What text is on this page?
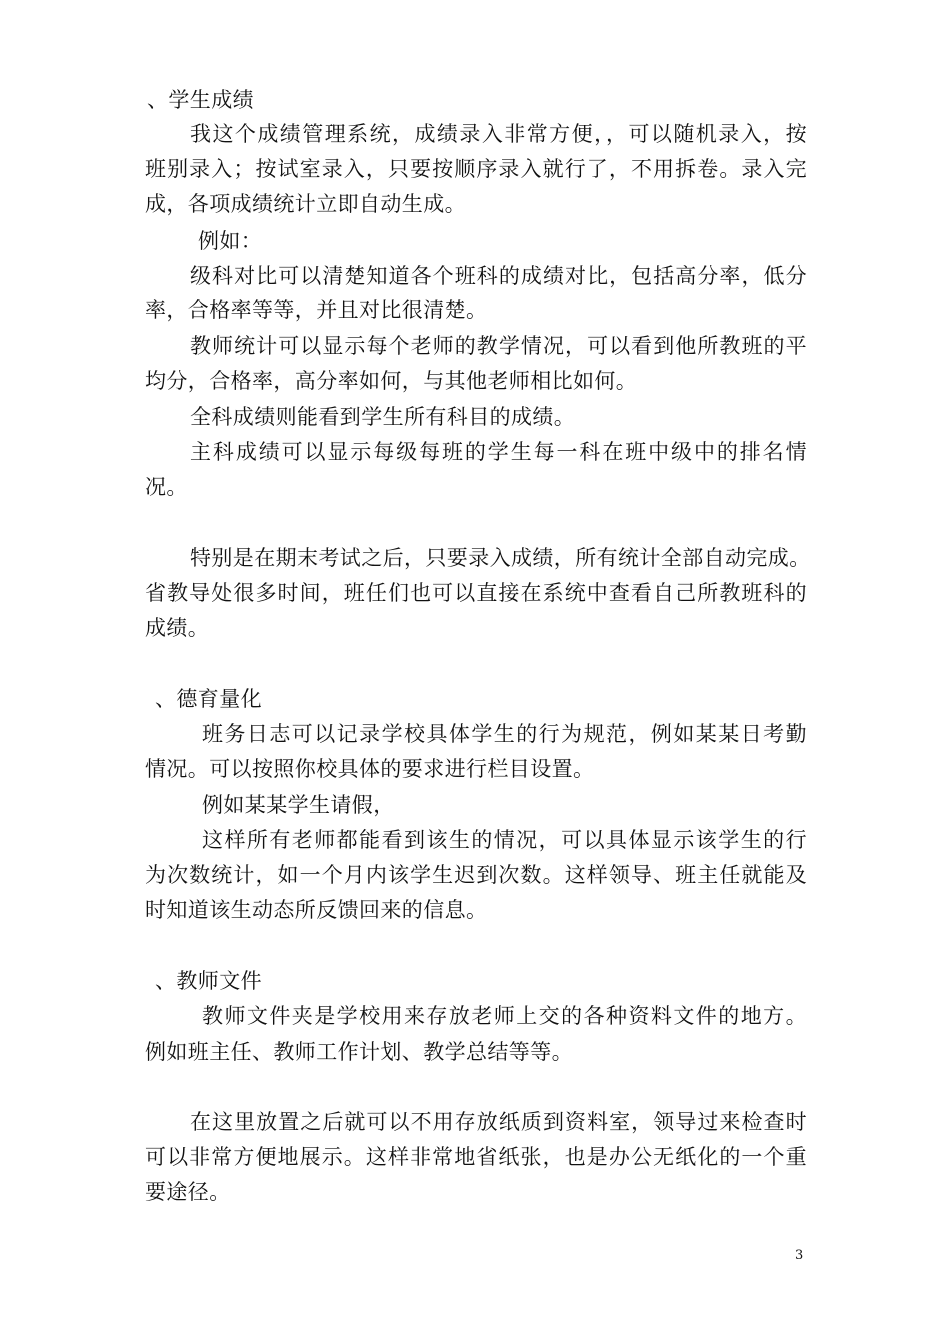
、学生成绩
我这个成绩管理系统，成绩录入非常方便，，可以随机录入，按
班别录入；按试室录入，只要按顺序录入就行了，不用拆卷。录入完
成，各项成绩统计立即自动生成。
例如：
级科对比可以清楚知道各个班科的成绩对比，包括高分率，低分
率，合格率等等，并且对比很清楚。
教师统计可以显示每个老师的教学情况，可以看到他所教班的平
均分，合格率，高分率如何，与其他老师相比如何。
全科成绩则能看到学生所有科目的成绩。
主科成绩可以显示每级每班的学生每一科在班中级中的排名情
况。
特别是在期末考试之后，只要录入成绩，所有统计全部自动完成。
省教导处很多时间，班任们也可以直接在系统中查看自己所教班科的
成绩。
、德育量化
班务日志可以记录学校具体学生的行为规范，例如某某日考勤
情况。可以按照你校具体的要求进行栏目设置。
例如某某学生请假，
这样所有老师都能看到该生的情况，可以具体显示该学生的行
为次数统计，如一个月内该学生迟到次数。这样领导、班主任就能及
时知道该生动态所反馈回来的信息。
、教师文件
教师文件夹是学校用来存放老师上交的各种资料文件的地方。
例如班主任、教师工作计划、教学总结等等。
在这里放置之后就可以不用存放纸质到资料室，领导过来检查时
可以非常方便地展示。这样非常地省纸张，也是办公无纸化的一个重
要途径。
3
